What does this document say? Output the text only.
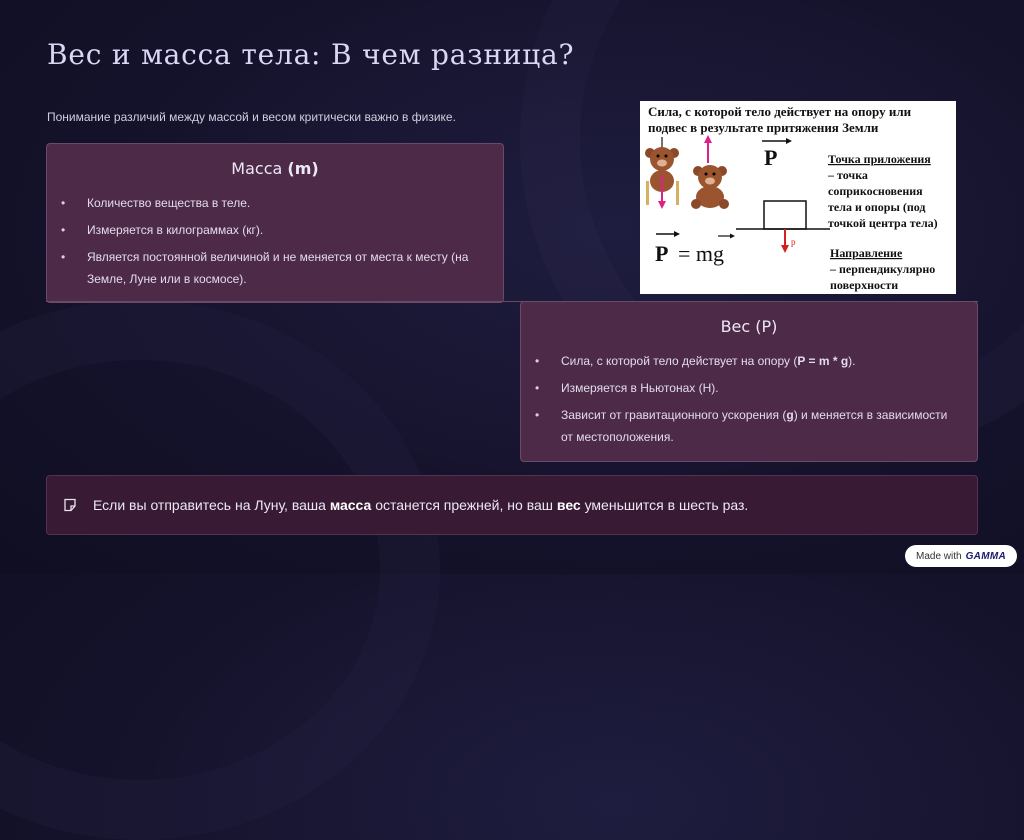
Вес и масса тела: В чем разница?

Понимание различий между массой и весом критически важно в физике.

Масса (m)
• Количество вещества в теле.
• Измеряется в килограммах (кг).
• Является постоянной величиной и не меняется от места к месту (на Земле, Луне или в космосе).
Сила, с которой тело действует на опору или
подвес в результате притяжения Земли
P
P = mg	p
Точка приложения
– точка
соприкосновения
тела и опоры (под
точкой центра тела)
Направление
– перпендикулярно
поверхности
Вес (P)
• Сила, с которой тело действует на опору (P = m * g).
• Измеряется в Ньютонах (Н).
• Зависит от гравитационного ускорения (g) и меняется в зависимости от местоположения.
Если вы отправитесь на Луну, ваша масса останется прежней, но ваш вес уменьшится в шесть раз.
Made with GAMMA
